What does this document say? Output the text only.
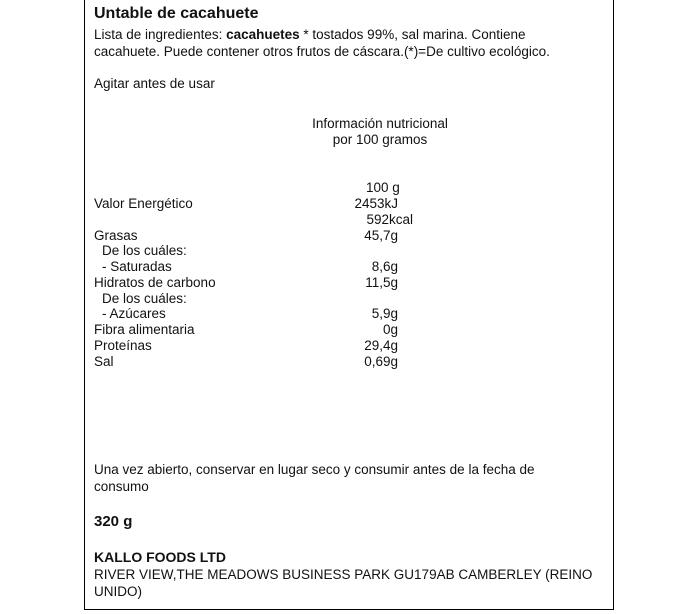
Untable de cacahuete
Lista de ingredientes: cacahuetes * tostados 99%, sal marina. Contiene cacahuete. Puede contener otros frutos de cáscara.(*)=De cultivo ecológico.
Agitar antes de usar
Información nutricional
por 100 gramos
100 g
Valor Energético	2453kJ
592kcal
Grasas	45,7g
De los cuáles:
- Saturadas	8,6g
Hidratos de carbono	11,5g
De los cuáles:
- Azúcares	5,9g
Fibra alimentaria	0g
Proteínas	29,4g
Sal	0,69g
Una vez abierto, conservar en lugar seco y consumir antes de la fecha de consumo
320 g
KALLO FOODS LTD
RIVER VIEW,THE MEADOWS BUSINESS PARK GU179AB CAMBERLEY (REINO UNIDO)
